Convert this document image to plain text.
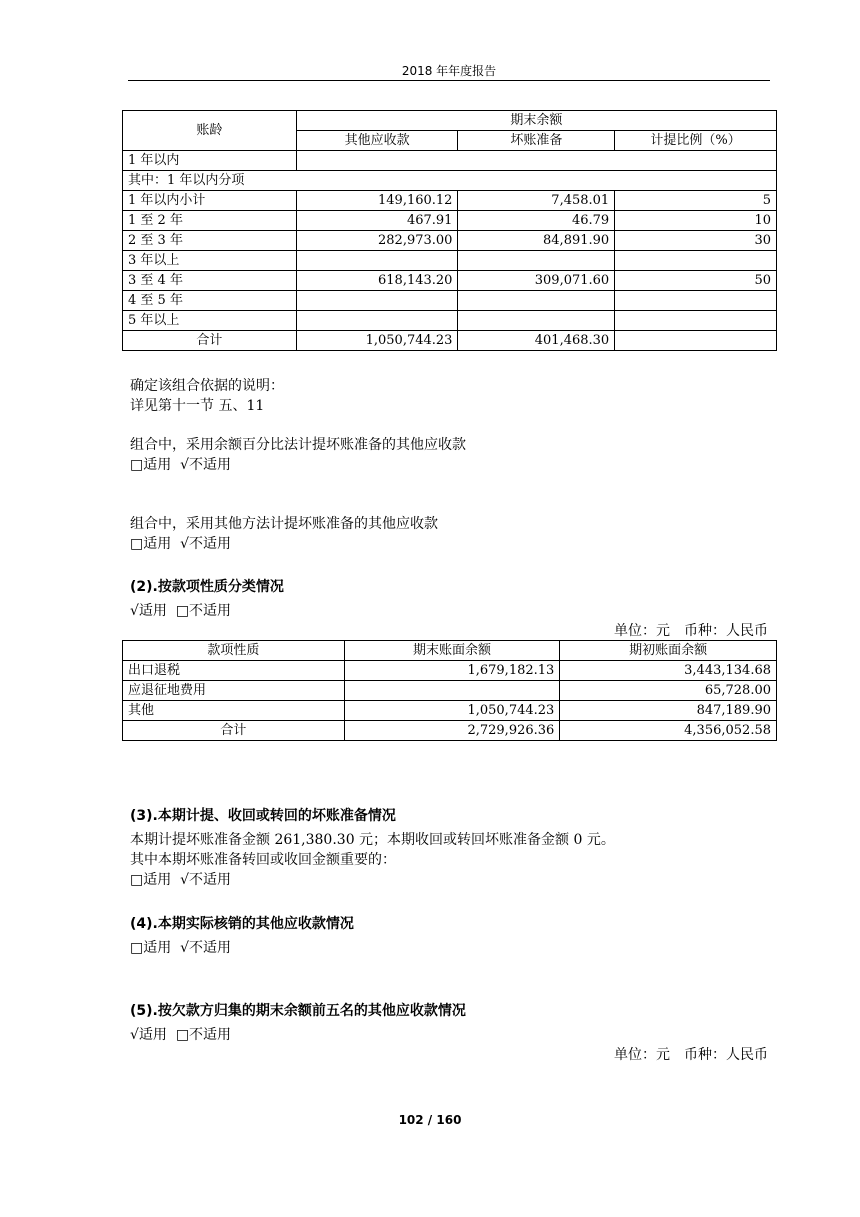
2018 年年度报告
账龄	期末余额		
	其他应收款	坏账准备	计提比例（%）
1 年以内			
其中：1 年以内分项			
1 年以内小计	149,160.12	7,458.01	5
1 至 2 年	467.91	46.79	10
2 至 3 年	282,973.00	84,891.90	30
3 年以上			
3 至 4 年	618,143.20	309,071.60	50
4 至 5 年			
5 年以上			
合计	1,050,744.23	401,468.30	
确定该组合依据的说明：
详见第十一节 五、11
组合中，采用余额百分比法计提坏账准备的其他应收款
□适用 √不适用
组合中，采用其他方法计提坏账准备的其他应收款
□适用 √不适用
(2).按款项性质分类情况
√适用 □不适用
单位：元　币种：人民币
款项性质	期末账面余额	期初账面余额
出口退税	1,679,182.13	3,443,134.68
应退征地费用		65,728.00
其他	1,050,744.23	847,189.90
合计	2,729,926.36	4,356,052.58
(3).本期计提、收回或转回的坏账准备情况
本期计提坏账准备金额 261,380.30 元；本期收回或转回坏账准备金额 0 元。
其中本期坏账准备转回或收回金额重要的：
□适用 √不适用
(4).本期实际核销的其他应收款情况
□适用 √不适用
(5).按欠款方归集的期末余额前五名的其他应收款情况
√适用 □不适用
单位：元　币种：人民币
102 / 160
